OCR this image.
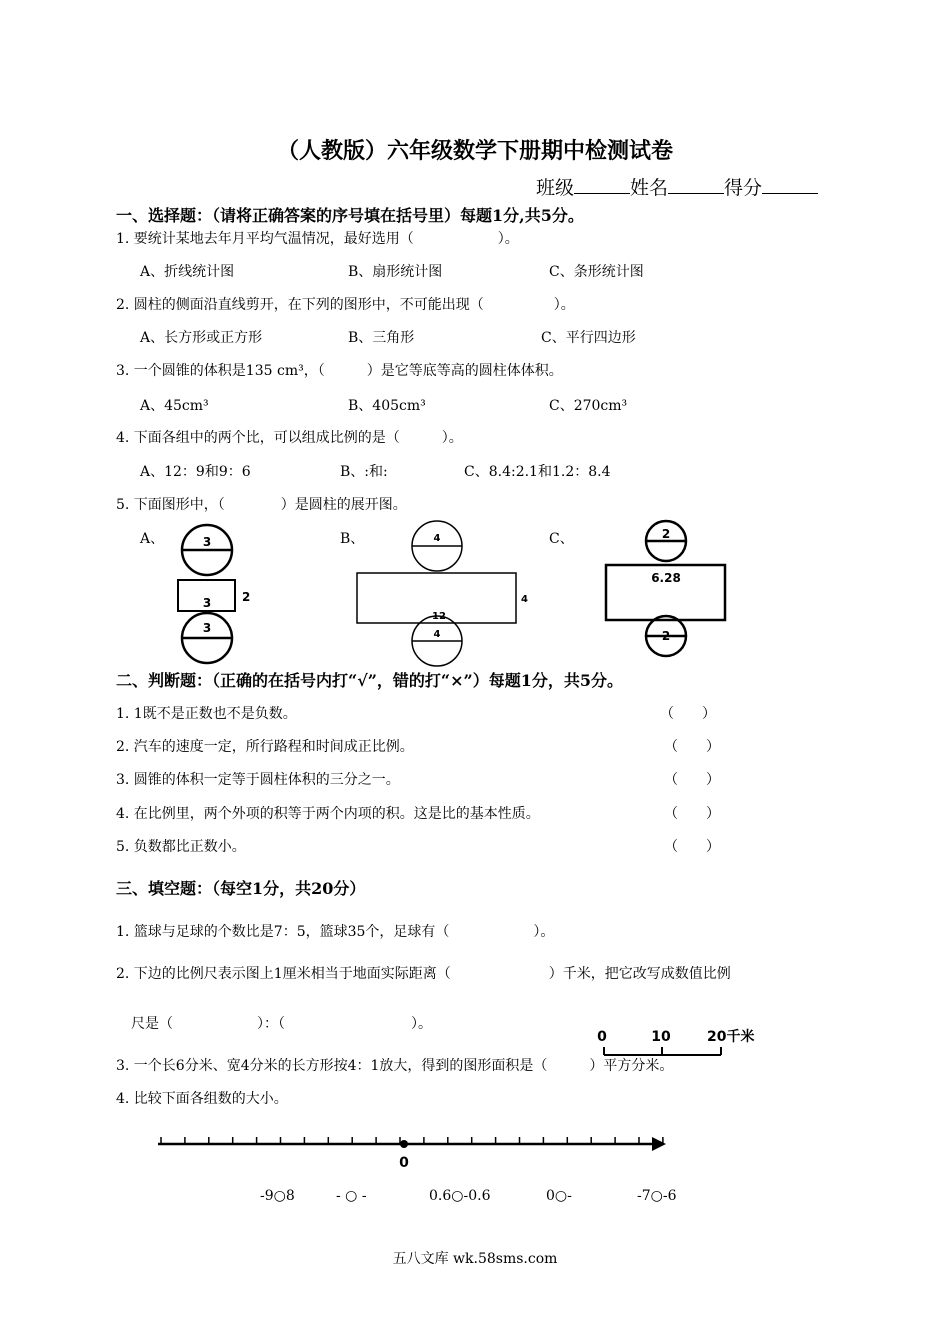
（人教版）六年级数学下册期中检测试卷
班级	姓名	得分
一、选择题：（请将正确答案的序号填在括号里）每题1分,共5分。
1. 要统计某地去年月平均气温情况，最好选用（　　　　　　）。
A、折线统计图	B、扇形统计图	C、条形统计图
2. 圆柱的侧面沿直线剪开，在下列的图形中，不可能出现（　　　　　）。
A、长方形或正方形	B、三角形	C、平行四边形
3. 一个圆锥的体积是135 cm³，（　　　）是它等底等高的圆柱体体积。
A、45cm³	B、405cm³	C、270cm³
4. 下面各组中的两个比，可以组成比例的是（　　　）。
A、12：9和9：6	B、:和:	C、8.4:2.1和1.2：8.4
5. 下面图形中，（　　　　）是圆柱的展开图。
A、	B、	C、
3
3	2
3
4
12
4
4
2
6.28
2
二、判断题：（正确的在括号内打“√”，错的打“×”）每题1分，共5分。
1. 1既不是正数也不是负数。	（　　）
2. 汽车的速度一定，所行路程和时间成正比例。	（　　）
3. 圆锥的体积一定等于圆柱体积的三分之一。	（　　）
4. 在比例里，两个外项的积等于两个内项的积。这是比的基本性质。	（　　）
5. 负数都比正数小。	（　　）
三、填空题：（每空1分，共20分）
1. 篮球与足球的个数比是7：5，篮球35个，足球有（　　　　　　）。
2. 下边的比例尺表示图上1厘米相当于地面实际距离（　　　　　　　）千米，把它改写成数值比例
尺是（　　　　　　）：（　　　　　　　　　）。
0	10	20千米
3. 一个长6分米、宽4分米的长方形按4：1放大，得到的图形面积是（　　　）平方分米。
4. 比较下面各组数的大小。
0
-9○8	- ○ -	0.6○-0.6	0○-	-7○-6
五八文库 wk.58sms.com
